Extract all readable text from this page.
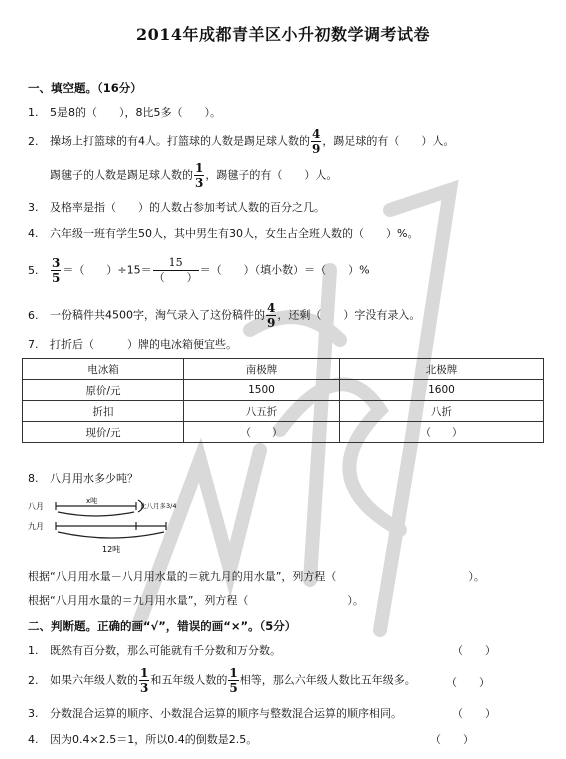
2014年成都青羊区小升初数学调考试卷
一、填空题。（16分）
1. 5是8的（　　），8比5多（　　）。
2. 操场上打篮球的有4人。打篮球的人数是踢足球人数的 $\frac{4}{9}$ ，踢足球的有（　　）人。
踢毽子的人数是踢足球人数的 $\frac{1}{3}$ ，踢毽子的有（　　）人。
3. 及格率是指（　　）的人数占参加考试人数的百分之几。
4. 六年级一班有学生50人，其中男生有30人，女生占全班人数的（　　）%。
5. $\frac{3}{5}$ ＝（　　）$\div 15= \frac{15}{( )}$ ＝（　　）（填小数）＝（　　）%
6. 一份稿件共4500字，淘气录入了这份稿件的 $\frac{4}{9}$ ，还剩（　　）字没有录入。
7. 打折后（　　　）牌的电冰箱便宜些。
电冰箱	南极牌	北极牌
原价/元	1500	1600
折扣	八五折	八折
现价/元	（　　）	（　　）
8. 八月用水多少吨？
八月
九月
x吨
比八月多3/4
12吨
根据“八月用水量－八月用水量的＝就九月的用水量”，列方程（　　　　　　　　　　　　）。
根据“八月用水量的＝九月用水量”，列方程（　　　　　　　　　）。
二、判断题。正确的画“√”，错误的画“×”。（5分）
1. 既然有百分数，那么可能就有千分数和万分数。	（　　）
2. 如果六年级人数的 $\frac{1}{3}$ 和五年级人数的 $\frac{1}{5}$ 相等，那么六年级人数比五年级多。	（　　）
3. 分数混合运算的顺序、小数混合运算的顺序与整数混合运算的顺序相同。	（　　）
4. 因为0.4×2.5＝1，所以0.4的倒数是2.5。	（　　）
